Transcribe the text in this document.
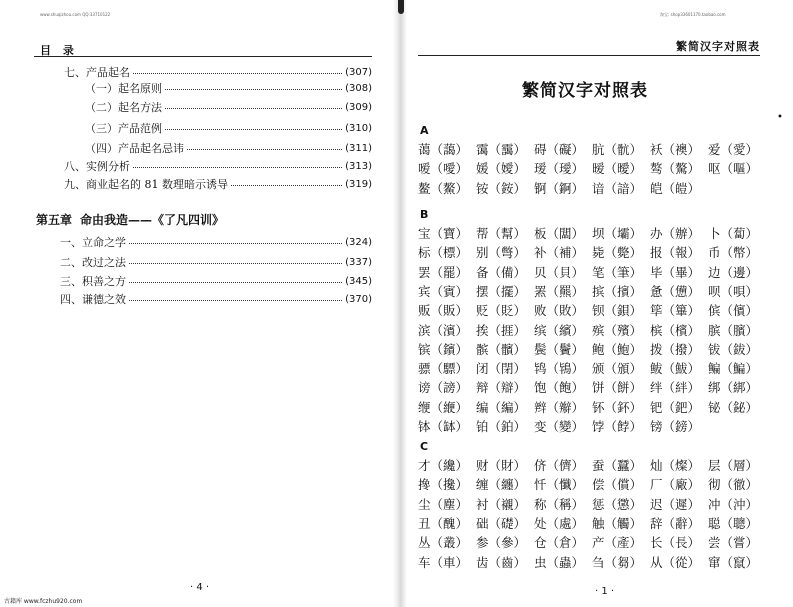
www.shuqizhou.com QQ:33710122	淘宝: shop33601170.taobao.com
•
目 录
七、产品起名	(307)
（一）起名原则	(308)
（二）起名方法	(309)
（三）产品范例	(310)
（四）产品起名忌讳	(311)
八、实例分析	(313)
九、商业起名的 81 数理暗示诱导	(319)
第五章 命由我造——《了凡四训》
一、立命之学	(324)
二、改过之法	(337)
三、积善之方	(345)
四、谦德之效	(370)
· 4 ·
古籍库 www.fczhu920.com
繁简汉字对照表
繁简汉字对照表
A
蔼（藹） 霭（靄） 碍（礙） 肮（骯） 袄（襖） 爱（愛）
嗳（噯） 媛（嬡） 瑷（璦） 暧（曖） 骜（驁） 呕（嘔）
鳌（鰲） 铵（銨） 锕（錒） 谙（諳） 皑（皚）
B
宝（寶） 帮（幫） 板（闆） 坝（壩） 办（辦） 卜（蔔）
标（標） 别（彆） 补（補） 毙（斃） 报（報） 币（幣）
罢（罷） 备（備） 贝（貝） 笔（筆） 毕（畢） 边（邊）
宾（賓） 摆（擺） 罴（羆） 摈（擯） 惫（憊） 呗（唄）
贩（販） 贬（貶） 败（敗） 钡（鋇） 筚（篳） 傧（儐）
滨（濱） 挨（捱） 缤（繽） 殡（殯） 槟（檳） 膑（臏）
镔（鑌） 髌（髕） 鬓（鬢） 鲍（鮑） 拨（撥） 钹（鈸）
骠（驃） 闭（閉） 鸨（鴇） 颁（頒） 鲅（鮁） 鳊（鯿）
谤（謗） 辩（辯） 饱（飽） 饼（餅） 绊（絆） 绑（綁）
缏（緶） 编（編） 辫（辮） 钚（鈈） 钯（鈀） 铋（鉍）
钵（缽） 铂（鉑） 变（變） 饽（餑） 镑（鎊）
C
才（纔） 财（財） 侪（儕） 蚕（蠶） 灿（燦） 层（層）
搀（攙） 缠（纏） 忏（懺） 偿（償） 厂（廠） 彻（徹）
尘（塵） 衬（襯） 称（稱） 惩（懲） 迟（遲） 冲（沖）
丑（醜） 础（礎） 处（處） 触（觸） 辞（辭） 聪（聰）
丛（叢） 参（參） 仓（倉） 产（產） 长（長） 尝（嘗）
车（車） 齿（齒） 虫（蟲） 刍（芻） 从（從） 窜（竄）
· 1 ·
